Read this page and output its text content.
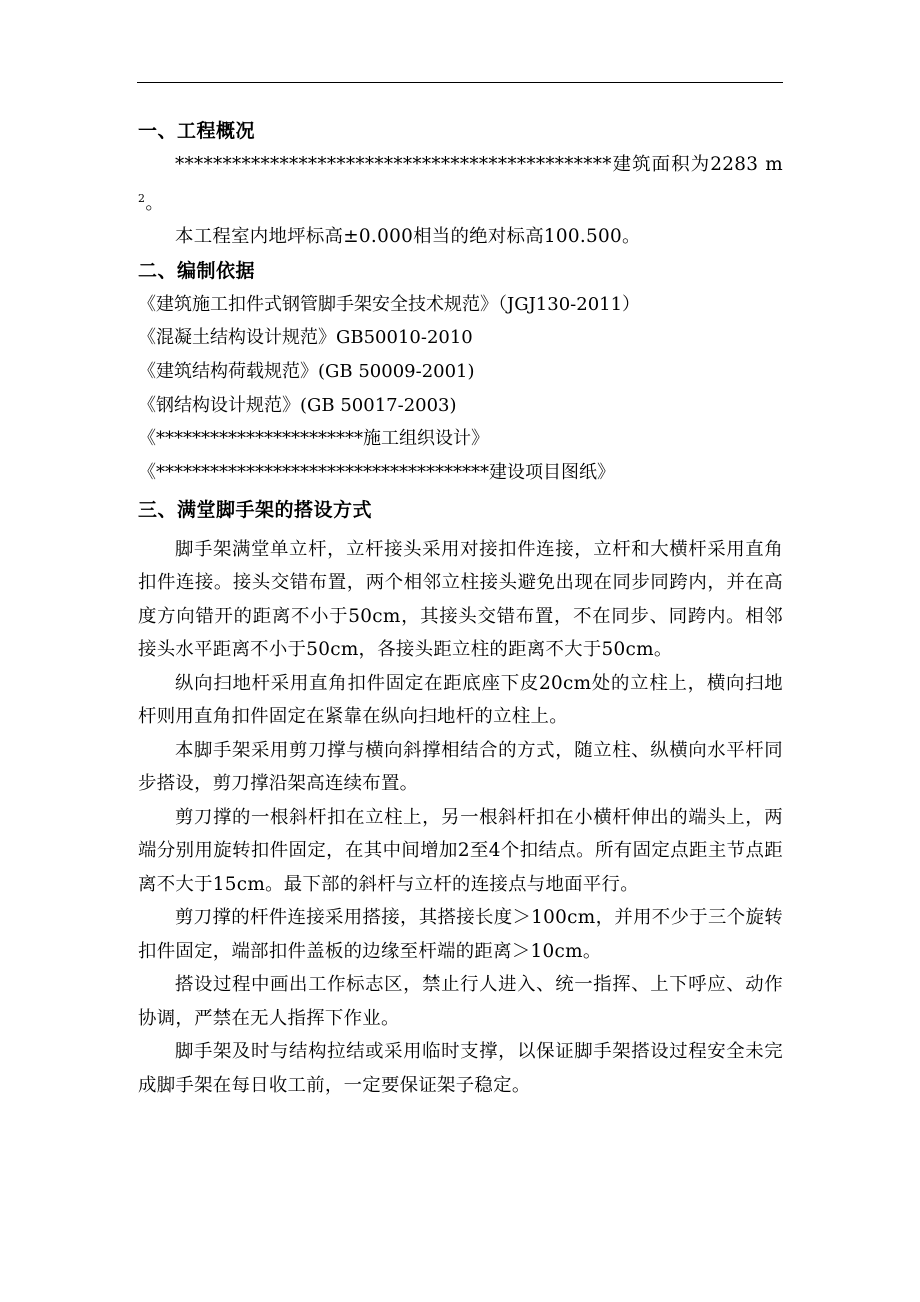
一、工程概况

**********************************************建筑面积为2283 $m^2$。

本工程室内地坪标高±0.000相当的绝对标高100.500。

二、编制依据
《建筑施工扣件式钢管脚手架安全技术规范》（JGJ130-2011）
《混凝土结构设计规范》GB50010-2010
《建筑结构荷载规范》(GB 50009-2001)
《钢结构设计规范》(GB 50017-2003)
《***********************施工组织设计》
《*************************************建设项目图纸》
三、满堂脚手架的搭设方式

脚手架满堂单立杆，立杆接头采用对接扣件连接，立杆和大横杆采用直角扣件连接。接头交错布置，两个相邻立柱接头避免出现在同步同跨内，并在高度方向错开的距离不小于50cm，其接头交错布置，不在同步、同跨内。相邻接头水平距离不小于50cm，各接头距立柱的距离不大于50cm。

纵向扫地杆采用直角扣件固定在距底座下皮20cm处的立柱上，横向扫地杆则用直角扣件固定在紧靠在纵向扫地杆的立柱上。

本脚手架采用剪刀撑与横向斜撑相结合的方式，随立柱、纵横向水平杆同步搭设，剪刀撑沿架高连续布置。

剪刀撑的一根斜杆扣在立柱上，另一根斜杆扣在小横杆伸出的端头上，两端分别用旋转扣件固定，在其中间增加2至4个扣结点。所有固定点距主节点距离不大于15cm。最下部的斜杆与立杆的连接点与地面平行。

剪刀撑的杆件连接采用搭接，其搭接长度＞100cm，并用不少于三个旋转扣件固定，端部扣件盖板的边缘至杆端的距离＞10cm。

搭设过程中画出工作标志区，禁止行人进入、统一指挥、上下呼应、动作协调，严禁在无人指挥下作业。

脚手架及时与结构拉结或采用临时支撑，以保证脚手架搭设过程安全未完成脚手架在每日收工前，一定要保证架子稳定。
